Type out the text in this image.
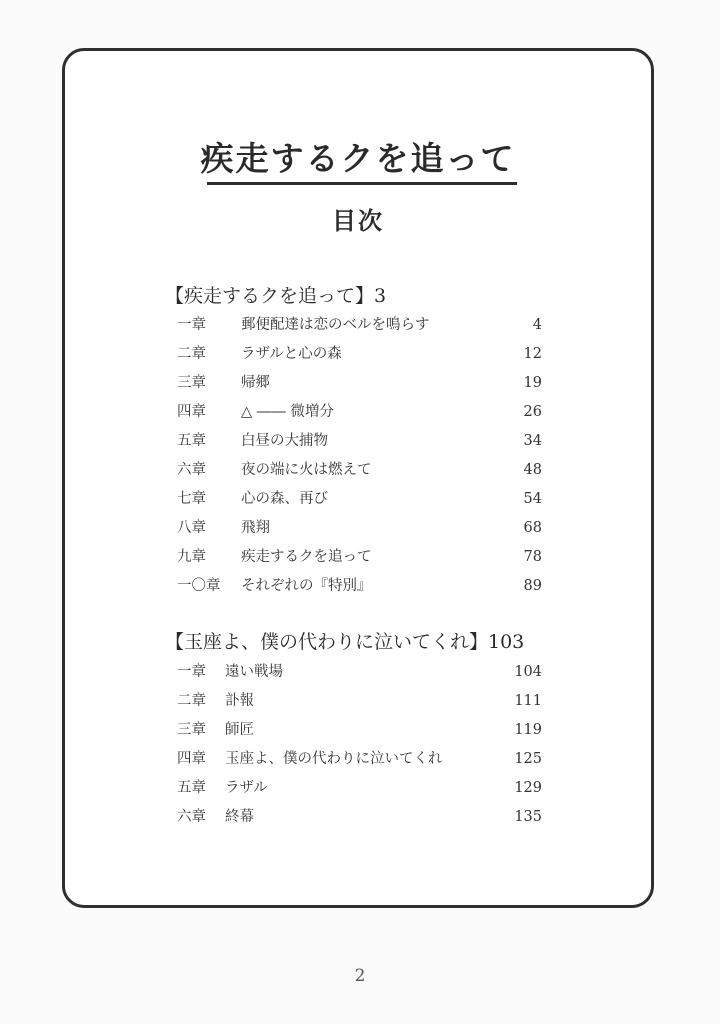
疾走するクを追って
目次
【疾走するクを追って】3
一章 郵便配達は恋のベルを鳴らす	4
二章 ラザルと心の森	12
三章 帰郷	19
四章 △ ―― 微増分	26
五章 白昼の大捕物	34
六章 夜の端に火は燃えて	48
七章 心の森、再び	54
八章 飛翔	68
九章 疾走するクを追って	78
一〇章 それぞれの『特別』	89
【玉座よ、僕の代わりに泣いてくれ】103
一章 遠い戦場	104
二章 訃報	111
三章 師匠	119
四章 玉座よ、僕の代わりに泣いてくれ	125
五章 ラザル	129
六章 終幕	135
2
